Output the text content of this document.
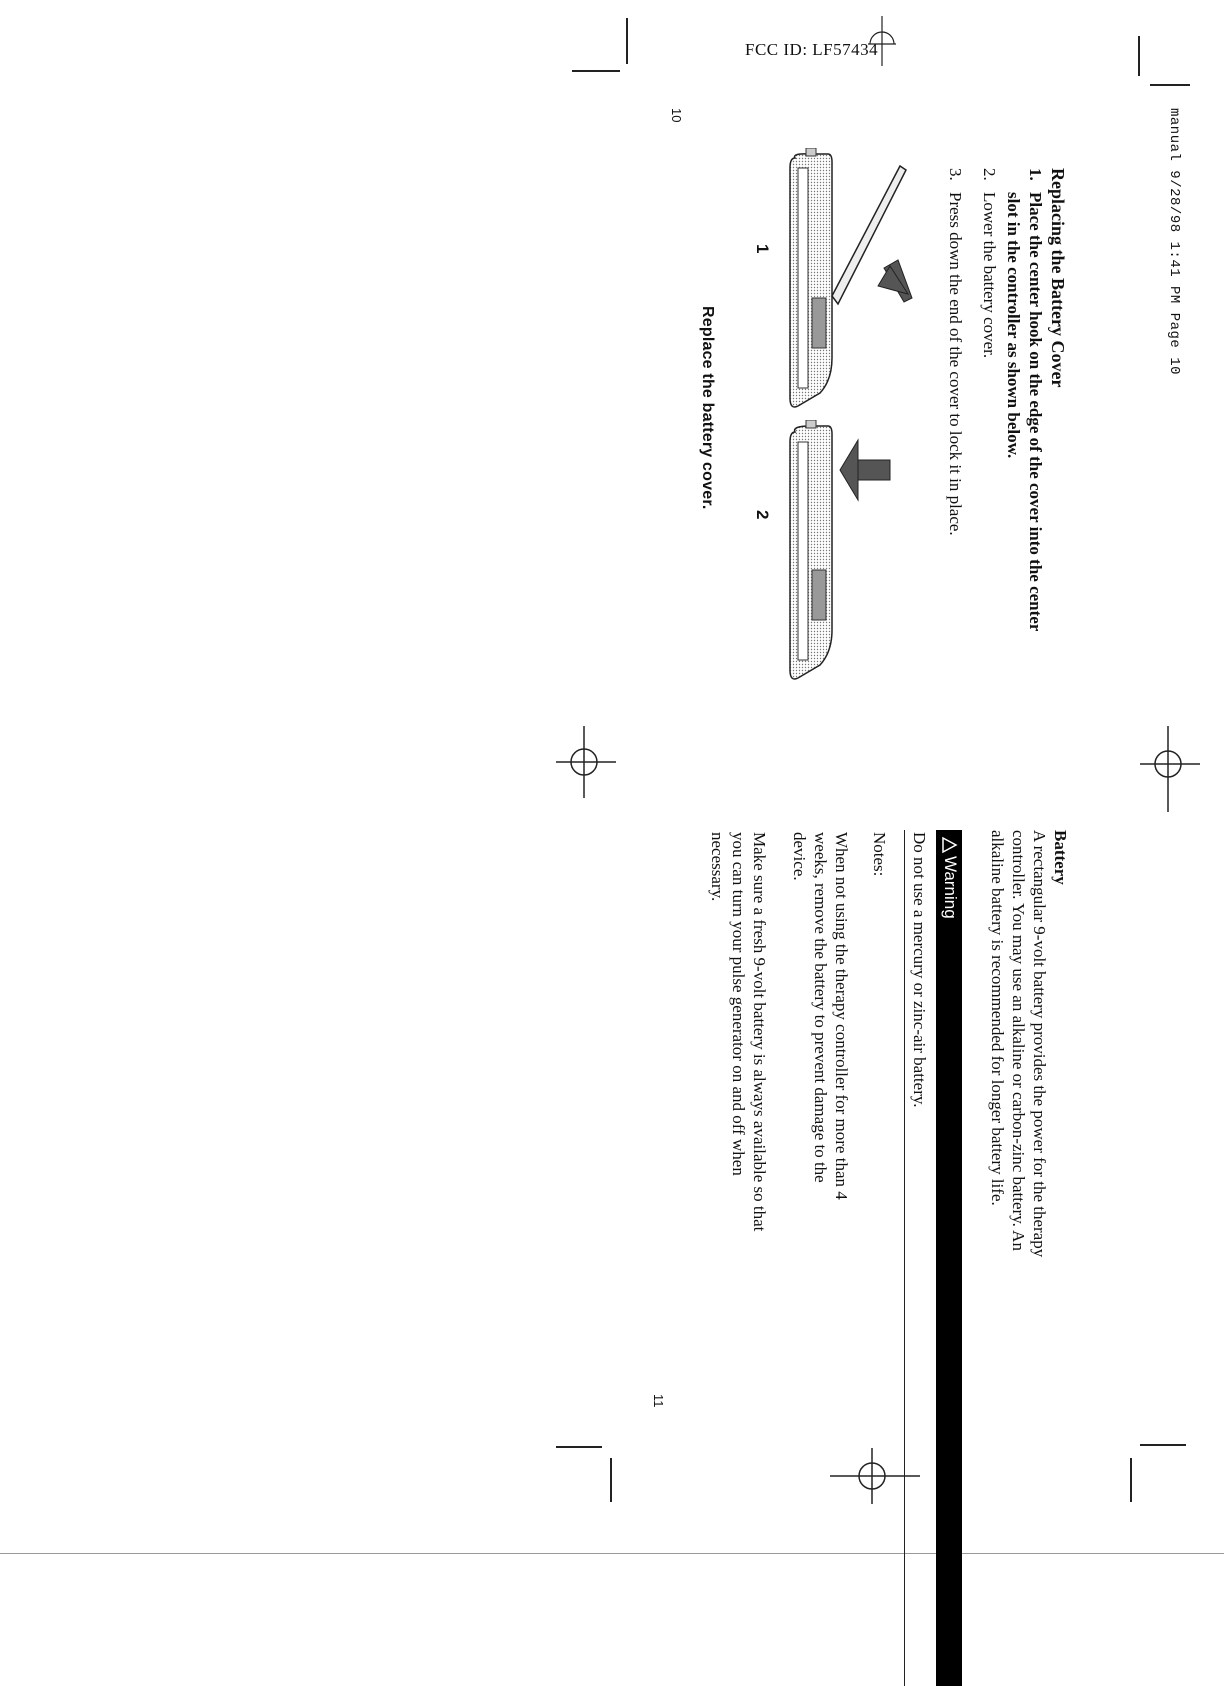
FCC ID: LF57434
manual 9/28/98 1:41 PM Page 10
10
Replacing the Battery Cover
1.
Place the center hook on the edge of the cover into the center
slot in the controller as shown below.
2.
Lower the battery cover.
3.
Press down the end of the cover to lock it in place.
1
2
Replace the battery cover.
Battery
A rectangular 9-volt battery provides the power for the therapy
controller. You may use an alkaline or carbon-zinc battery. An
alkaline battery is recommended for longer battery life.
Warning
Do not use a mercury or zinc-air battery.
Notes:
When not using the therapy controller for more than 4
weeks, remove the battery to prevent damage to the
device.
Make sure a fresh 9-volt battery is always available so that
you can turn your pulse generator on and off when
necessary.
11
